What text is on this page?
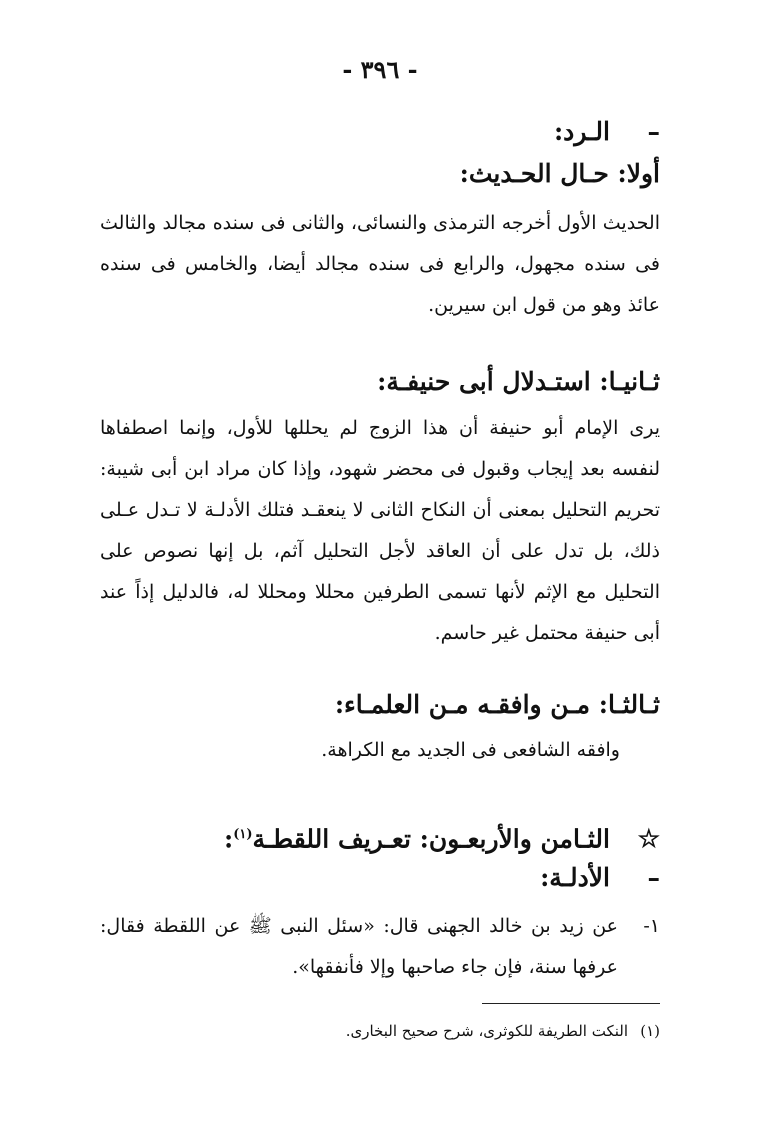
- ٣٩٦ -
–الـرد:
أولا: حـال الحـديث:
الحديث الأول أخرجه الترمذى والنسائى، والثانى فى سنده مجالد والثالث فى سنده مجهول، والرابع فى سنده مجالد أيضا، والخامس فى سنده عائذ وهو من قول ابن سيرين.
ثـانيـا: استـدلال أبى حنيفـة:
يرى الإمام أبو حنيفة أن هذا الزوج لم يحللها للأول، وإنما اصطفاها لنفسه بعد إيجاب وقبول فى محضر شهود، وإذا كان مراد ابن أبى شيبة: تحريم التحليل بمعنى أن النكاح الثانى لا ينعقـد فتلك الأدلـة لا تـدل عـلى ذلك، بل تدل على أن العاقد لأجل التحليل آثم، بل إنها نصوص على التحليل مع الإثم لأنها تسمى الطرفين محللا ومحللا له، فالدليل إذاً عند أبى حنيفة محتمل غير حاسم.
ثـالثـا: مـن وافقـه مـن العلمـاء:
وافقه الشافعى فى الجديد مع الكراهة.
☆الثـامن والأربعـون: تعـريف اللقطـة$^{(١)}$:
–الأدلـة:
١-
عن زيد بن خالد الجهنى قال: «سئل النبى ﷺ عن اللقطة فقال: عرفها سنة، فإن جاء صاحبها وإلا فأنفقها».
(١)النكت الطريفة للكوثرى، شرح صحيح البخارى.
